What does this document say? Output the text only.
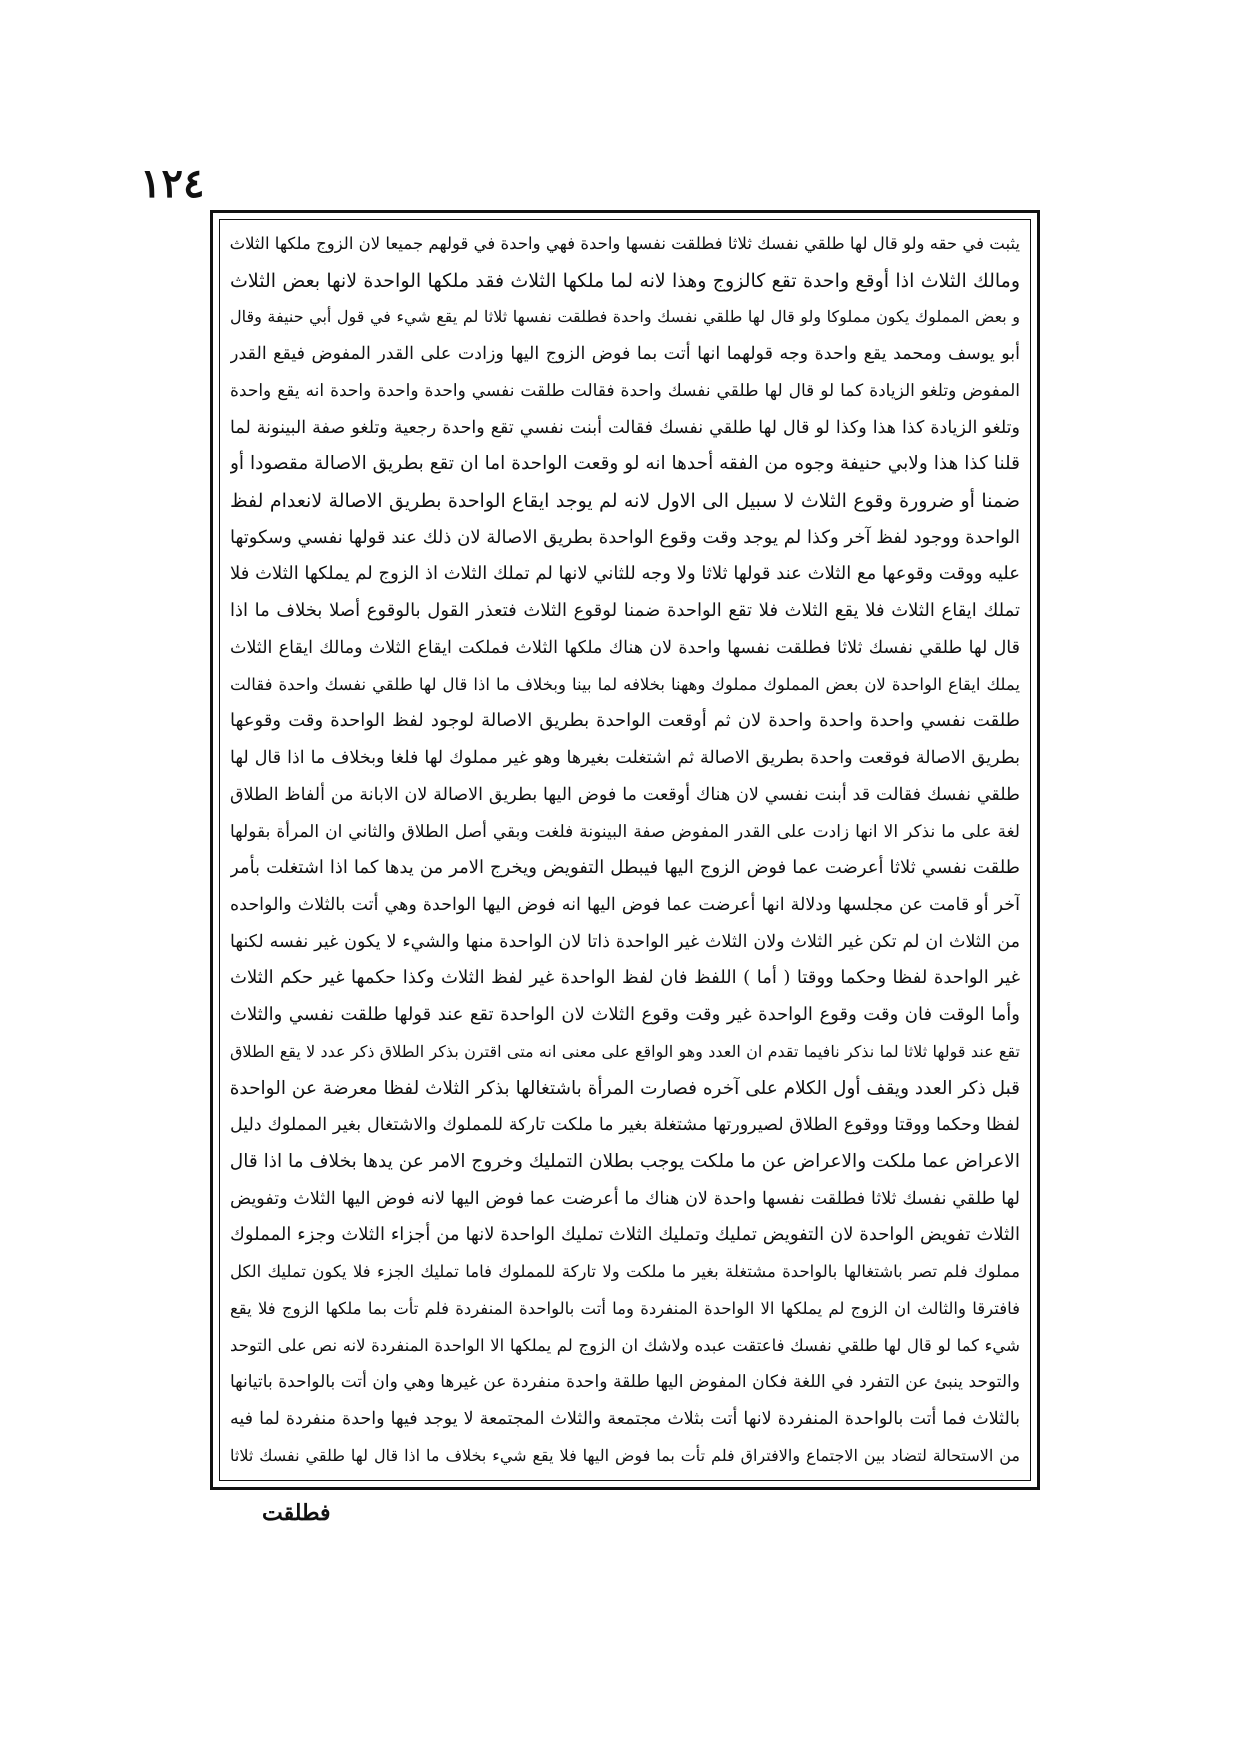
١٢٤
يثبت في حقه ولو قال لها طلقي نفسك ثلاثا فطلقت نفسها واحدة فهي واحدة في قولهم جميعا لان الزوج ملكها الثلاث
ومالك الثلاث اذا أوقع واحدة تقع كالزوج وهذا لانه لما ملكها الثلاث فقد ملكها الواحدة لانها بعض الثلاث
و بعض المملوك يكون مملوكا ولو قال لها طلقي نفسك واحدة فطلقت نفسها ثلاثا لم يقع شيء في قول أبي حنيفة وقال
أبو يوسف ومحمد يقع واحدة وجه قولهما انها أتت بما فوض الزوج اليها وزادت على القدر المفوض فيقع القدر
المفوض وتلغو الزيادة كما لو قال لها طلقي نفسك واحدة فقالت طلقت نفسي واحدة واحدة واحدة انه يقع واحدة
وتلغو الزيادة كذا هذا وكذا لو قال لها طلقي نفسك فقالت أبنت نفسي تقع واحدة رجعية وتلغو صفة البينونة لما
قلنا كذا هذا ولابي حنيفة وجوه من الفقه أحدها انه لو وقعت الواحدة اما ان تقع بطريق الاصالة مقصودا أو
ضمنا أو ضرورة وقوع الثلاث لا سبيل الى الاول لانه لم يوجد ايقاع الواحدة بطريق الاصالة لانعدام لفظ
الواحدة ووجود لفظ آخر وكذا لم يوجد وقت وقوع الواحدة بطريق الاصالة لان ذلك عند قولها نفسي وسكوتها
عليه ووقت وقوعها مع الثلاث عند قولها ثلاثا ولا وجه للثاني لانها لم تملك الثلاث اذ الزوج لم يملكها الثلاث فلا
تملك ايقاع الثلاث فلا يقع الثلاث فلا تقع الواحدة ضمنا لوقوع الثلاث فتعذر القول بالوقوع أصلا بخلاف ما اذا
قال لها طلقي نفسك ثلاثا فطلقت نفسها واحدة لان هناك ملكها الثلاث فملكت ايقاع الثلاث ومالك ايقاع الثلاث
يملك ايقاع الواحدة لان بعض المملوك مملوك وههنا بخلافه لما بينا وبخلاف ما اذا قال لها طلقي نفسك واحدة فقالت
طلقت نفسي واحدة واحدة واحدة لان ثم أوقعت الواحدة بطريق الاصالة لوجود لفظ الواحدة وقت وقوعها
بطريق الاصالة فوقعت واحدة بطريق الاصالة ثم اشتغلت بغيرها وهو غير مملوك لها فلغا وبخلاف ما اذا قال لها
طلقي نفسك فقالت قد أبنت نفسي لان هناك أوقعت ما فوض اليها بطريق الاصالة لان الابانة من ألفاظ الطلاق
لغة على ما نذكر الا انها زادت على القدر المفوض صفة البينونة فلغت وبقي أصل الطلاق والثاني ان المرأة بقولها
طلقت نفسي ثلاثا أعرضت عما فوض الزوج اليها فيبطل التفويض ويخرج الامر من يدها كما اذا اشتغلت بأمر
آخر أو قامت عن مجلسها ودلالة انها أعرضت عما فوض اليها انه فوض اليها الواحدة وهي أتت بالثلاث والواحده
من الثلاث ان لم تكن غير الثلاث ولان الثلاث غير الواحدة ذاتا لان الواحدة منها والشيء لا يكون غير نفسه لكنها
غير الواحدة لفظا وحكما ووقتا ( أما ) اللفظ فان لفظ الواحدة غير لفظ الثلاث وكذا حكمها غير حكم الثلاث
وأما الوقت فان وقت وقوع الواحدة غير وقت وقوع الثلاث لان الواحدة تقع عند قولها طلقت نفسي والثلاث
تقع عند قولها ثلاثا لما نذكر نافيما تقدم ان العدد وهو الواقع على معنى انه متى اقترن بذكر الطلاق ذكر عدد لا يقع الطلاق
قبل ذكر العدد ويقف أول الكلام على آخره فصارت المرأة باشتغالها بذكر الثلاث لفظا معرضة عن الواحدة
لفظا وحكما ووقتا ووقوع الطلاق لصيرورتها مشتغلة بغير ما ملكت تاركة للمملوك والاشتغال بغير المملوك دليل
الاعراض عما ملكت والاعراض عن ما ملكت يوجب بطلان التمليك وخروج الامر عن يدها بخلاف ما اذا قال
لها طلقي نفسك ثلاثا فطلقت نفسها واحدة لان هناك ما أعرضت عما فوض اليها لانه فوض اليها الثلاث وتفويض
الثلاث تفويض الواحدة لان التفويض تمليك وتمليك الثلاث تمليك الواحدة لانها من أجزاء الثلاث وجزء المملوك
مملوك فلم تصر باشتغالها بالواحدة مشتغلة بغير ما ملكت ولا تاركة للمملوك فاما تمليك الجزء فلا يكون تمليك الكل
فافترقا والثالث ان الزوج لم يملكها الا الواحدة المنفردة وما أتت بالواحدة المنفردة فلم تأت بما ملكها الزوج فلا يقع
شيء كما لو قال لها طلقي نفسك فاعتقت عبده ولاشك ان الزوج لم يملكها الا الواحدة المنفردة لانه نص على التوحد
والتوحد ينبئ عن التفرد في اللغة فكان المفوض اليها طلقة واحدة منفردة عن غيرها وهي وان أتت بالواحدة باتيانها
بالثلاث فما أتت بالواحدة المنفردة لانها أتت بثلاث مجتمعة والثلاث المجتمعة لا يوجد فيها واحدة منفردة لما فيه
من الاستحالة لتضاد بين الاجتماع والافتراق فلم تأت بما فوض اليها فلا يقع شيء بخلاف ما اذا قال لها طلقي نفسك ثلاثا
فطلقت
